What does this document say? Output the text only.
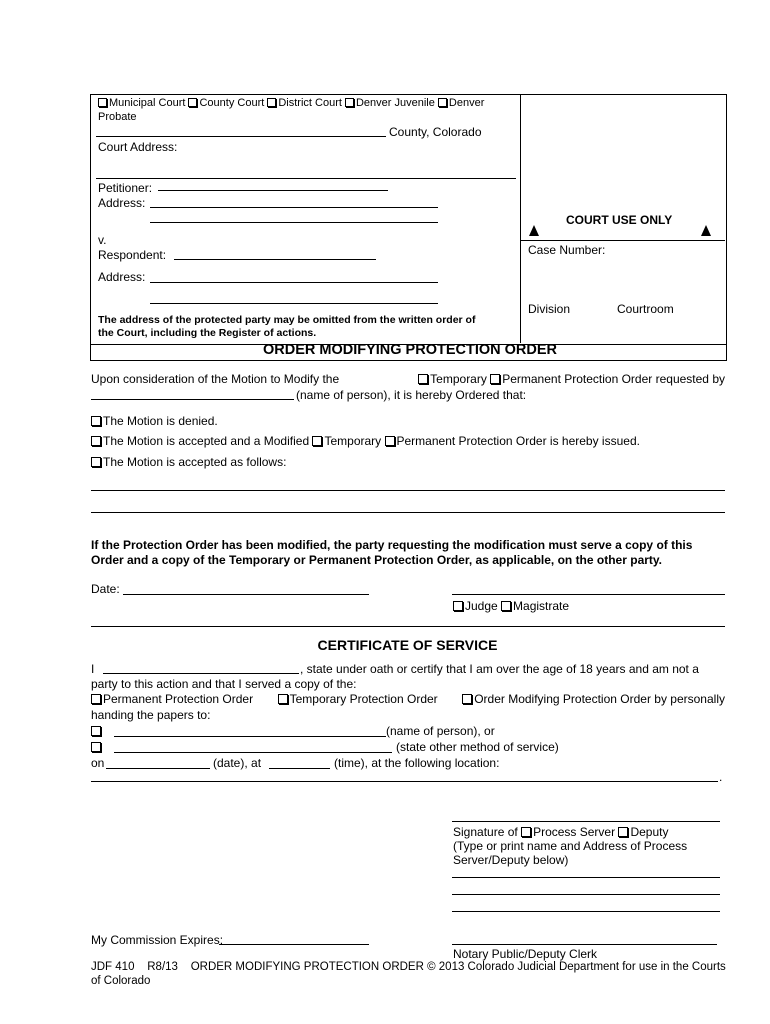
Municipal Court County Court District Court Denver Juvenile Denver
Probate
County, Colorado
Court Address:
Petitioner:
Address:
v.
Respondent:
Address:
The address of the protected party may be omitted from the written order of
the Court, including the Register of actions.
COURT USE ONLY
Case Number:
Division	Courtroom
ORDER MODIFYING PROTECTION ORDER
Upon consideration of the Motion to Modify the	Temporary Permanent Protection Order requested by
(name of person), it is hereby Ordered that:
The Motion is denied.
The Motion is accepted and a Modified Temporary Permanent Protection Order is hereby issued.
The Motion is accepted as follows:
If the Protection Order has been modified, the party requesting the modification must serve a copy of this
Order and a copy of the Temporary or Permanent Protection Order, as applicable, on the other party.
Date:
Judge Magistrate
CERTIFICATE OF SERVICE
I	, state under oath or certify that I am over the age of 18 years and am not a
party to this action and that I served a copy of the:
Permanent Protection Order	Temporary Protection Order	Order Modifying Protection Order by personally
handing the papers to:
(name of person), or
(state other method of service)
on	(date), at	(time), at the following location:
.
Signature of Process Server Deputy
(Type or print name and Address of Process
Server/Deputy below)
My Commission Expires:
Notary Public/Deputy Clerk
JDF 410    R8/13    ORDER MODIFYING PROTECTION ORDER © 2013 Colorado Judicial Department for use in the Courts
of Colorado
